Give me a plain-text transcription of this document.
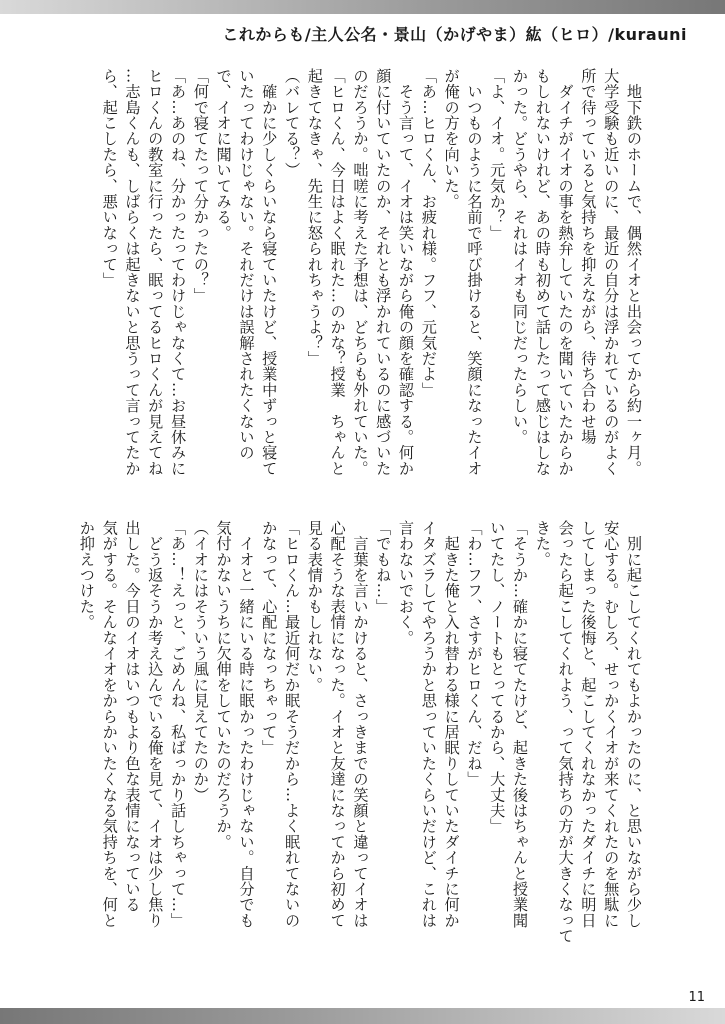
これからも/主人公名・景山（かげやま）紘（ヒロ）/kurauni

　地下鉄のホームで、偶然イオと出会ってから約一ヶ月。

大学受験も近いのに、最近の自分は浮かれているのがよく

所で待っていると気持ちを抑えながら、待ち合わせ場

　ダイチがイオの事を熱弁していたのを聞いていたからか

もしれないけれど、あの時も初めて話したって感じはしな

かった。どうやら、それはイオも同じだったらしい。

「よ、イオ。元気か？」

　いつものように名前で呼び掛けると、笑顔になったイオ

が俺の方を向いた。

「あ…ヒロくん、お疲れ様。フフ、元気だよ」

　そう言って、イオは笑いながら俺の顔を確認する。何か

顔に付いていたのか、それとも浮かれているのに感づいた

のだろうか。咄嗟に考えた予想は、どちらも外れていた。

「ヒロくん、今日はよく眠れた…のかな？授業　ちゃんと

起きてなきゃ、先生に怒られちゃうよ？」

（バレてる？）

　確かに少しくらいなら寝ていたけど、授業中ずっと寝て

いたってわけじゃない。それだけは誤解されたくないの

で、イオに聞いてみる。

「何で寝てたって分かったの？」

「あ…あのね、分かったってわけじゃなくて…お昼休みに

ヒロくんの教室に行ったら、眠ってるヒロくんが見えてね

…志島くんも、しばらくは起きないと思うって言ってたか

ら、起こしたら、悪いなって」

　別に起こしてくれてもよかったのに、と思いながら少し

安心する。むしろ、せっかくイオが来てくれたのを無駄に

してしまった後悔と、起こしてくれなかったダイチに明日

会ったら起こしてくれよう、って気持ちの方が大きくなって

きた。

「そうか…確かに寝てたけど、起きた後はちゃんと授業聞

いてたし、ノートもとってるから、大丈夫」

「わ…フフ、さすがヒロくん、だね」

　起きた俺と入れ替わる様に居眠りしていたダイチに何か

イタズラしてやろうかと思っていたくらいだけど、これは

言わないでおく。

「でもね…」

　言葉を言いかけると、さっきまでの笑顔と違ってイオは

心配そうな表情になった。イオと友達になってから初めて

見る表情かもしれない。

「ヒロくん…最近何だか眠そうだから…よく眠れてないの

かなって、心配になっちゃって」

　イオと一緒にいる時に眠かったわけじゃない。自分でも

気付かないうちに欠伸をしていたのだろうか。

（イオにはそういう風に見えてたのか）

「あ…！えっと、ごめんね、私ばっかり話しちゃって…」

　どう返そうか考え込んでいる俺を見て、イオは少し焦り

出した。今日のイオはいつもより色な表情になっている

気がする。そんなイオをからかいたくなる気持ちを、何と

か抑えつけた。

11
